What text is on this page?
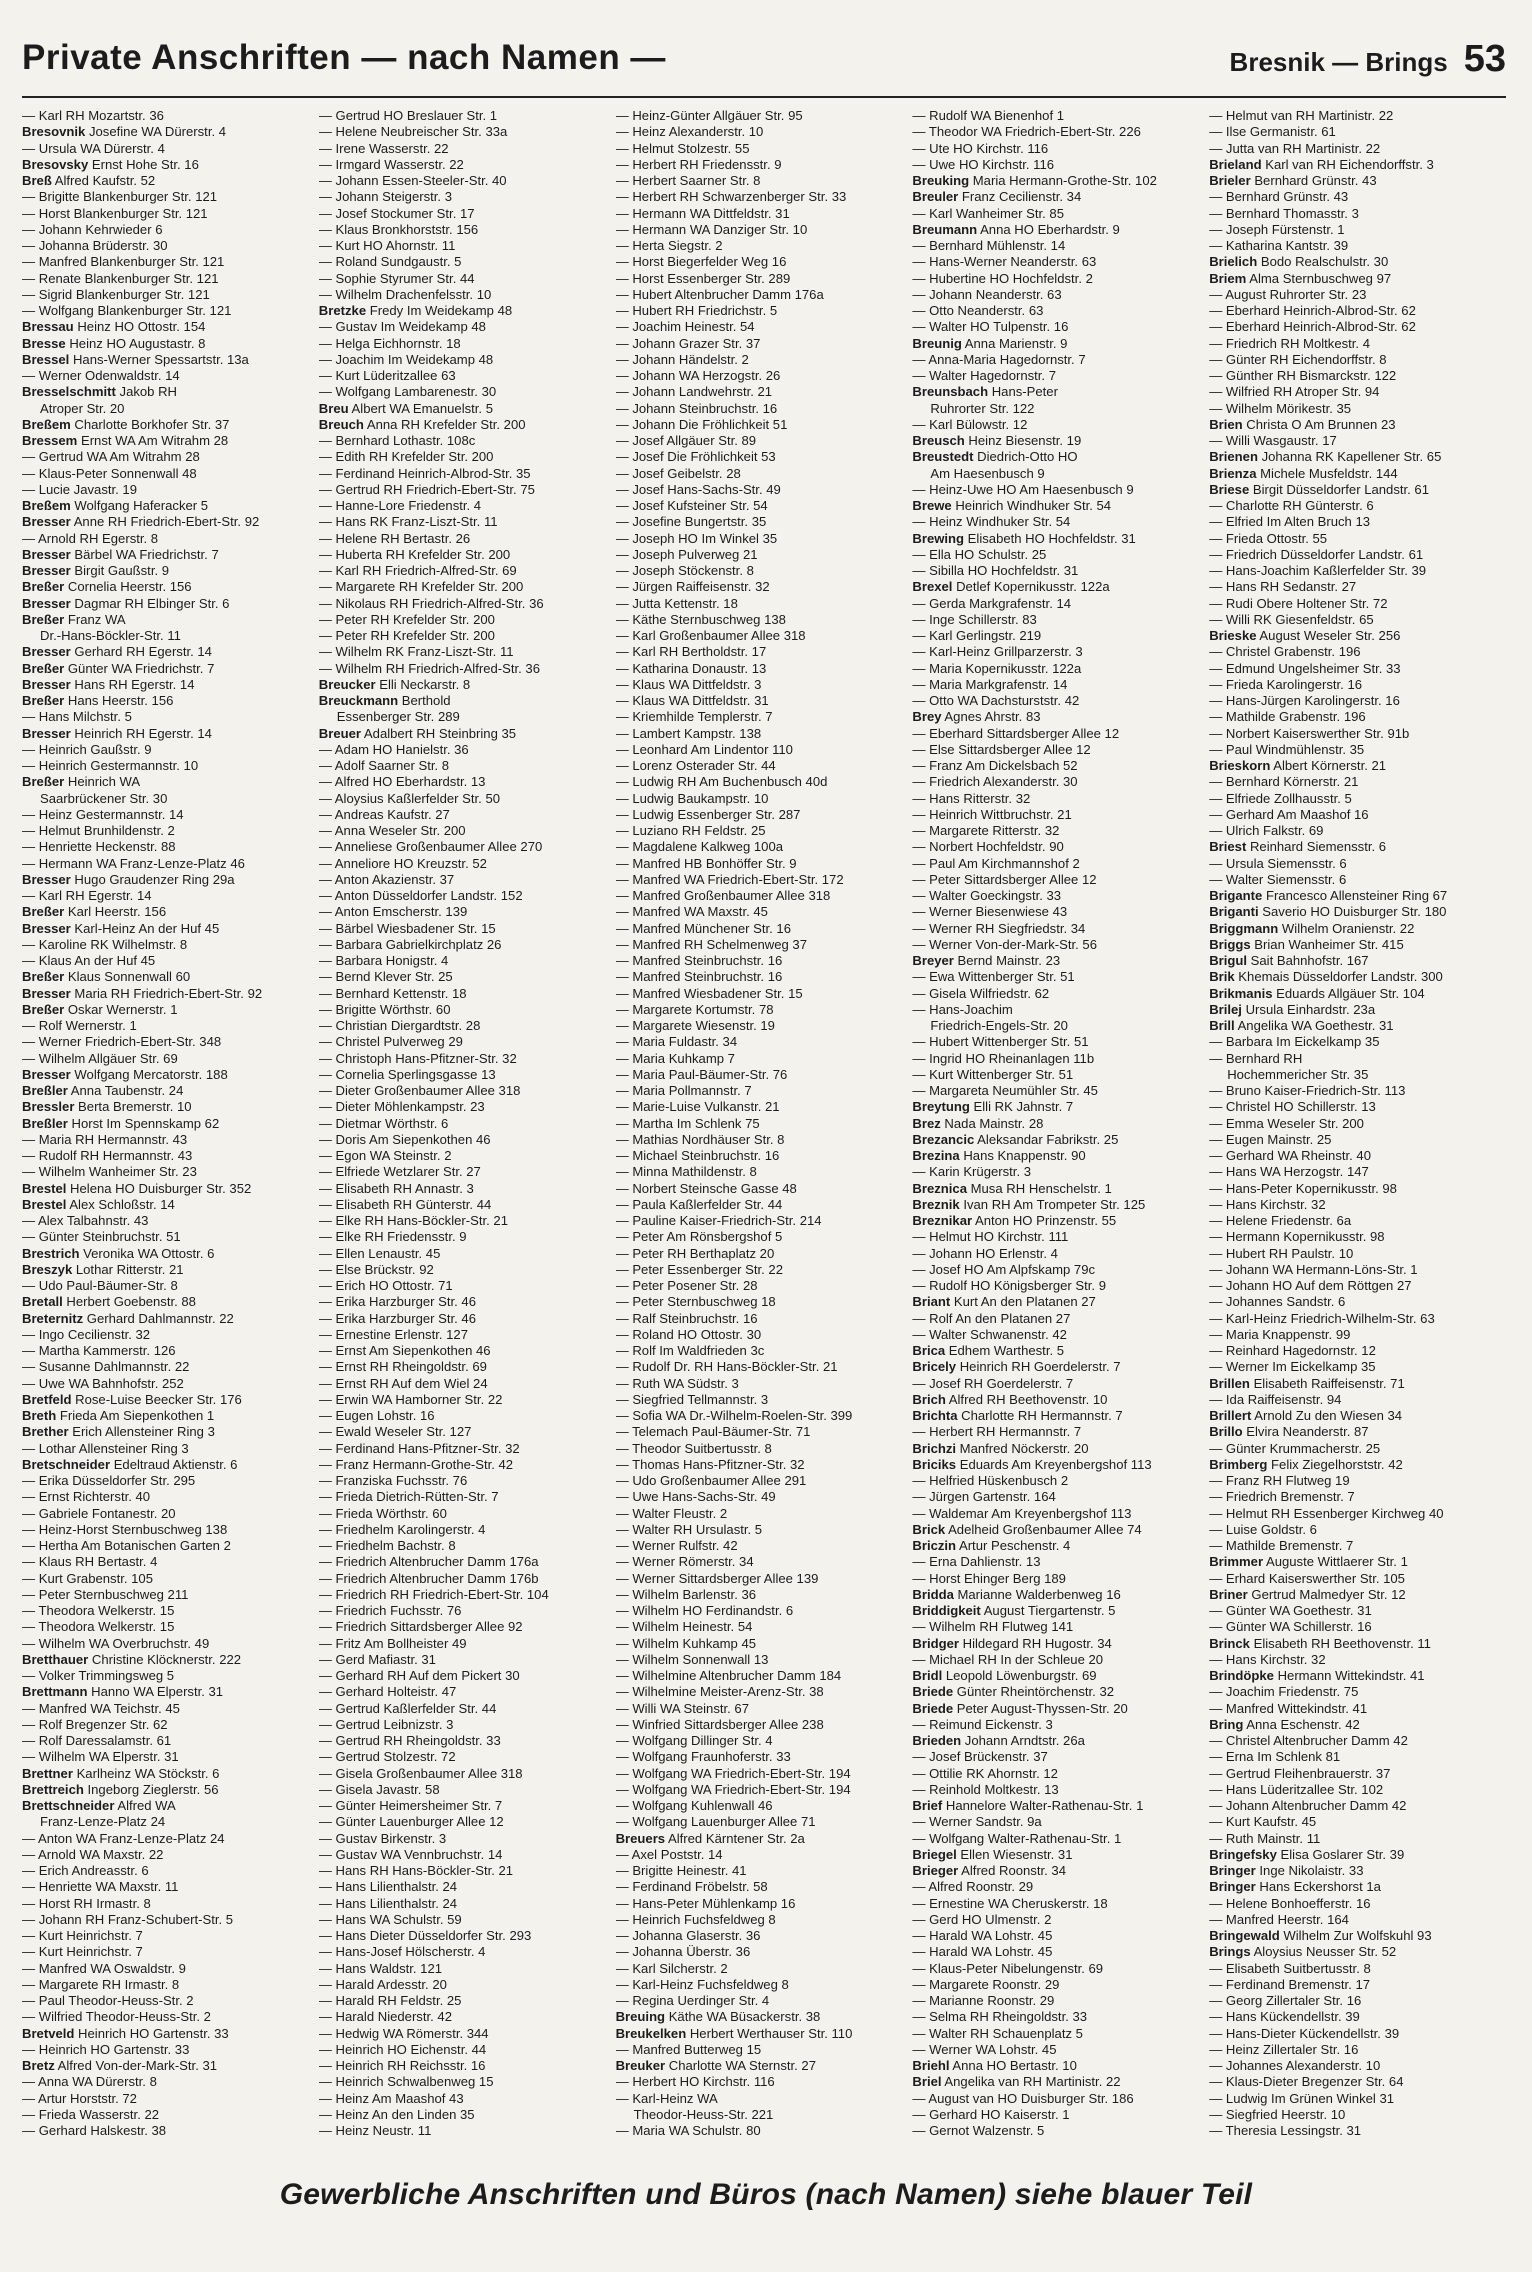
Private Anschriften — nach Namen —	Bresnik — Brings 53
— Karl RH Mozartstr. 36
Bresovnik Josefine WA Dürerstr. 4
— Ursula WA Dürerstr. 4
Bresovsky Ernst Hohe Str. 16
Breß Alfred Kaufstr. 52
— Brigitte Blankenburger Str. 121
— Horst Blankenburger Str. 121
— Johann Kehrwieder 6
— Johanna Brüderstr. 30
— Manfred Blankenburger Str. 121
— Renate Blankenburger Str. 121
— Sigrid Blankenburger Str. 121
— Wolfgang Blankenburger Str. 121
Bressau Heinz HO Ottostr. 154
Bresse Heinz HO Augustastr. 8
Bressel Hans-Werner Spessartstr. 13a
— Werner Odenwaldstr. 14
Bresselschmitt Jakob RH
Atroper Str. 20
Breßem Charlotte Borkhofer Str. 37
Bressem Ernst WA Am Witrahm 28
— Gertrud WA Am Witrahm 28
— Klaus-Peter Sonnenwall 48
— Lucie Javastr. 19
Breßem Wolfgang Haferacker 5
Bresser Anne RH Friedrich-Ebert-Str. 92
— Arnold RH Egerstr. 8
Bresser Bärbel WA Friedrichstr. 7
Bresser Birgit Gaußstr. 9
Breßer Cornelia Heerstr. 156
Bresser Dagmar RH Elbinger Str. 6
Breßer Franz WA
Dr.-Hans-Böckler-Str. 11
Bresser Gerhard RH Egerstr. 14
Breßer Günter WA Friedrichstr. 7
Bresser Hans RH Egerstr. 14
Breßer Hans Heerstr. 156
— Hans Milchstr. 5
Bresser Heinrich RH Egerstr. 14
— Heinrich Gaußstr. 9
— Heinrich Gestermannstr. 10
Breßer Heinrich WA
Saarbrückener Str. 30
— Heinz Gestermannstr. 14
— Helmut Brunhildenstr. 2
— Henriette Heckenstr. 88
— Hermann WA Franz-Lenze-Platz 46
Bresser Hugo Graudenzer Ring 29a
— Karl RH Egerstr. 14
Breßer Karl Heerstr. 156
Bresser Karl-Heinz An der Huf 45
— Karoline RK Wilhelmstr. 8
— Klaus An der Huf 45
Breßer Klaus Sonnenwall 60
Bresser Maria RH Friedrich-Ebert-Str. 92
Breßer Oskar Wernerstr. 1
— Rolf Wernerstr. 1
— Werner Friedrich-Ebert-Str. 348
— Wilhelm Allgäuer Str. 69
Bresser Wolfgang Mercatorstr. 188
Breßler Anna Taubenstr. 24
Bressler Berta Bremerstr. 10
Breßler Horst Im Spennskamp 62
— Maria RH Hermannstr. 43
— Rudolf RH Hermannstr. 43
— Wilhelm Wanheimer Str. 23
Brestel Helena HO Duisburger Str. 352
Brestel Alex Schloßstr. 14
— Alex Talbahnstr. 43
— Günter Steinbruchstr. 51
Brestrich Veronika WA Ottostr. 6
Breszyk Lothar Ritterstr. 21
— Udo Paul-Bäumer-Str. 8
Bretall Herbert Goebenstr. 88
Breternitz Gerhard Dahlmannstr. 22
— Ingo Cecilienstr. 32
— Martha Kammerstr. 126
— Susanne Dahlmannstr. 22
— Uwe WA Bahnhofstr. 252
Bretfeld Rose-Luise Beecker Str. 176
Breth Frieda Am Siepenkothen 1
Brether Erich Allensteiner Ring 3
— Lothar Allensteiner Ring 3
Bretschneider Edeltraud Aktienstr. 6
— Erika Düsseldorfer Str. 295
— Ernst Richterstr. 40
— Gabriele Fontanestr. 20
— Heinz-Horst Sternbuschweg 138
— Hertha Am Botanischen Garten 2
— Klaus RH Bertastr. 4
— Kurt Grabenstr. 105
— Peter Sternbuschweg 211
— Theodora Welkerstr. 15
— Theodora Welkerstr. 15
— Wilhelm WA Overbruchstr. 49
Bretthauer Christine Klöcknerstr. 222
— Volker Trimmingsweg 5
Brettmann Hanno WA Elperstr. 31
— Manfred WA Teichstr. 45
— Rolf Bregenzer Str. 62
— Rolf Daressalamstr. 61
— Wilhelm WA Elperstr. 31
Brettner Karlheinz WA Stöckstr. 6
Brettreich Ingeborg Zieglerstr. 56
Brettschneider Alfred WA
Franz-Lenze-Platz 24
— Anton WA Franz-Lenze-Platz 24
— Arnold WA Maxstr. 22
— Erich Andreasstr. 6
— Henriette WA Maxstr. 11
— Horst RH Irmastr. 8
— Johann RH Franz-Schubert-Str. 5
— Kurt Heinrichstr. 7
— Kurt Heinrichstr. 7
— Manfred WA Oswaldstr. 9
— Margarete RH Irmastr. 8
— Paul Theodor-Heuss-Str. 2
— Wilfried Theodor-Heuss-Str. 2
Bretveld Heinrich HO Gartenstr. 33
— Heinrich HO Gartenstr. 33
Bretz Alfred Von-der-Mark-Str. 31
— Anna WA Dürerstr. 8
— Artur Horststr. 72
— Frieda Wasserstr. 22
— Gerhard Halskestr. 38
— Gertrud HO Breslauer Str. 1
— Helene Neubreischer Str. 33a
— Irene Wasserstr. 22
— Irmgard Wasserstr. 22
— Johann Essen-Steeler-Str. 40
— Johann Steigerstr. 3
— Josef Stockumer Str. 17
— Klaus Bronkhorststr. 156
— Kurt HO Ahornstr. 11
— Roland Sundgaustr. 5
— Sophie Styrumer Str. 44
— Wilhelm Drachenfelsstr. 10
Bretzke Fredy Im Weidekamp 48
— Gustav Im Weidekamp 48
— Helga Eichhornstr. 18
— Joachim Im Weidekamp 48
— Kurt Lüderitzallee 63
— Wolfgang Lambarenestr. 30
Breu Albert WA Emanuelstr. 5
Breuch Anna RH Krefelder Str. 200
— Bernhard Lothastr. 108c
— Edith RH Krefelder Str. 200
— Ferdinand Heinrich-Albrod-Str. 35
— Gertrud RH Friedrich-Ebert-Str. 75
— Hanne-Lore Friedenstr. 4
— Hans RK Franz-Liszt-Str. 11
— Helene RH Bertastr. 26
— Huberta RH Krefelder Str. 200
— Karl RH Friedrich-Alfred-Str. 69
— Margarete RH Krefelder Str. 200
— Nikolaus RH Friedrich-Alfred-Str. 36
— Peter RH Krefelder Str. 200
— Peter RH Krefelder Str. 200
— Wilhelm RK Franz-Liszt-Str. 11
— Wilhelm RH Friedrich-Alfred-Str. 36
Breucker Elli Neckarstr. 8
Breuckmann Berthold
Essenberger Str. 289
Breuer Adalbert RH Steinbring 35
— Adam HO Hanielstr. 36
— Adolf Saarner Str. 8
— Alfred HO Eberhardstr. 13
— Aloysius Kaßlerfelder Str. 50
— Andreas Kaufstr. 27
— Anna Weseler Str. 200
— Anneliese Großenbaumer Allee 270
— Anneliore HO Kreuzstr. 52
— Anton Akazienstr. 37
— Anton Düsseldorfer Landstr. 152
— Anton Emscherstr. 139
— Bärbel Wiesbadener Str. 15
— Barbara Gabrielkirchplatz 26
— Barbara Honigstr. 4
— Bernd Klever Str. 25
— Bernhard Kettenstr. 18
— Brigitte Wörthstr. 60
— Christian Diergardtstr. 28
— Christel Pulverweg 29
— Christoph Hans-Pfitzner-Str. 32
— Cornelia Sperlingsgasse 13
— Dieter Großenbaumer Allee 318
— Dieter Möhlenkampstr. 23
— Dietmar Wörthstr. 6
— Doris Am Siepenkothen 46
— Egon WA Steinstr. 2
— Elfriede Wetzlarer Str. 27
— Elisabeth RH Annastr. 3
— Elisabeth RH Günterstr. 44
— Elke RH Hans-Böckler-Str. 21
— Elke RH Friedensstr. 9
— Ellen Lenaustr. 45
— Else Brückstr. 92
— Erich HO Ottostr. 71
— Erika Harzburger Str. 46
— Erika Harzburger Str. 46
— Ernestine Erlenstr. 127
— Ernst Am Siepenkothen 46
— Ernst RH Rheingoldstr. 69
— Ernst RH Auf dem Wiel 24
— Erwin WA Hamborner Str. 22
— Eugen Lohstr. 16
— Ewald Weseler Str. 127
— Ferdinand Hans-Pfitzner-Str. 32
— Franz Hermann-Grothe-Str. 42
— Franziska Fuchsstr. 76
— Frieda Dietrich-Rütten-Str. 7
— Frieda Wörthstr. 60
— Friedhelm Karolingerstr. 4
— Friedhelm Bachstr. 8
— Friedrich Altenbrucher Damm 176a
— Friedrich Altenbrucher Damm 176b
— Friedrich RH Friedrich-Ebert-Str. 104
— Friedrich Fuchsstr. 76
— Friedrich Sittardsberger Allee 92
— Fritz Am Bollheister 49
— Gerd Mafiastr. 31
— Gerhard RH Auf dem Pickert 30
— Gerhard Holteistr. 47
— Gertrud Kaßlerfelder Str. 44
— Gertrud Leibnizstr. 3
— Gertrud RH Rheingoldstr. 33
— Gertrud Stolzestr. 72
— Gisela Großenbaumer Allee 318
— Gisela Javastr. 58
— Günter Heimersheimer Str. 7
— Günter Lauenburger Allee 12
— Gustav Birkenstr. 3
— Gustav WA Vennbruchstr. 14
— Hans RH Hans-Böckler-Str. 21
— Hans Lilienthalstr. 24
— Hans Lilienthalstr. 24
— Hans WA Schulstr. 59
— Hans Dieter Düsseldorfer Str. 293
— Hans-Josef Hölscherstr. 4
— Hans Waldstr. 121
— Harald Ardesstr. 20
— Harald RH Feldstr. 25
— Harald Niederstr. 42
— Hedwig WA Römerstr. 344
— Heinrich HO Eichenstr. 44
— Heinrich RH Reichsstr. 16
— Heinrich Schwalbenweg 15
— Heinz Am Maashof 43
— Heinz An den Linden 35
— Heinz Neustr. 11
— Heinz-Günter Allgäuer Str. 95
— Heinz Alexanderstr. 10
— Helmut Stolzestr. 55
— Herbert RH Friedensstr. 9
— Herbert Saarner Str. 8
— Herbert RH Schwarzenberger Str. 33
— Hermann WA Dittfeldstr. 31
— Hermann WA Danziger Str. 10
— Herta Siegstr. 2
— Horst Biegerfelder Weg 16
— Horst Essenberger Str. 289
— Hubert Altenbrucher Damm 176a
— Hubert RH Friedrichstr. 5
— Joachim Heinestr. 54
— Johann Grazer Str. 37
— Johann Händelstr. 2
— Johann WA Herzogstr. 26
— Johann Landwehrstr. 21
— Johann Steinbruchstr. 16
— Johann Die Fröhlichkeit 51
— Josef Allgäuer Str. 89
— Josef Die Fröhlichkeit 53
— Josef Geibelstr. 28
— Josef Hans-Sachs-Str. 49
— Josef Kufsteiner Str. 54
— Josefine Bungertstr. 35
— Joseph HO Im Winkel 35
— Joseph Pulverweg 21
— Joseph Stöckenstr. 8
— Jürgen Raiffeisenstr. 32
— Jutta Kettenstr. 18
— Käthe Sternbuschweg 138
— Karl Großenbaumer Allee 318
— Karl RH Bertholdstr. 17
— Katharina Donaustr. 13
— Klaus WA Dittfeldstr. 3
— Klaus WA Dittfeldstr. 31
— Kriemhilde Templerstr. 7
— Lambert Kampstr. 138
— Leonhard Am Lindentor 110
— Lorenz Osterader Str. 44
— Ludwig RH Am Buchenbusch 40d
— Ludwig Baukampstr. 10
— Ludwig Essenberger Str. 287
— Luziano RH Feldstr. 25
— Magdalene Kalkweg 100a
— Manfred HB Bonhöffer Str. 9
— Manfred WA Friedrich-Ebert-Str. 172
— Manfred Großenbaumer Allee 318
— Manfred WA Maxstr. 45
— Manfred Münchener Str. 16
— Manfred RH Schelmenweg 37
— Manfred Steinbruchstr. 16
— Manfred Steinbruchstr. 16
— Manfred Wiesbadener Str. 15
— Margarete Kortumstr. 78
— Margarete Wiesenstr. 19
— Maria Fuldastr. 34
— Maria Kuhkamp 7
— Maria Paul-Bäumer-Str. 76
— Maria Pollmannstr. 7
— Marie-Luise Vulkanstr. 21
— Martha Im Schlenk 75
— Mathias Nordhäuser Str. 8
— Michael Steinbruchstr. 16
— Minna Mathildenstr. 8
— Norbert Steinsche Gasse 48
— Paula Kaßlerfelder Str. 44
— Pauline Kaiser-Friedrich-Str. 214
— Peter Am Rönsbergshof 5
— Peter RH Berthaplatz 20
— Peter Essenberger Str. 22
— Peter Posener Str. 28
— Peter Sternbuschweg 18
— Ralf Steinbruchstr. 16
— Roland HO Ottostr. 30
— Rolf Im Waldfrieden 3c
— Rudolf Dr. RH Hans-Böckler-Str. 21
— Ruth WA Südstr. 3
— Siegfried Tellmannstr. 3
— Sofia WA Dr.-Wilhelm-Roelen-Str. 399
— Telemach Paul-Bäumer-Str. 71
— Theodor Suitbertusstr. 8
— Thomas Hans-Pfitzner-Str. 32
— Udo Großenbaumer Allee 291
— Uwe Hans-Sachs-Str. 49
— Walter Fleustr. 2
— Walter RH Ursulastr. 5
— Werner Rulfstr. 42
— Werner Römerstr. 34
— Werner Sittardsberger Allee 139
— Wilhelm Barlenstr. 36
— Wilhelm HO Ferdinandstr. 6
— Wilhelm Heinestr. 54
— Wilhelm Kuhkamp 45
— Wilhelm Sonnenwall 13
— Wilhelmine Altenbrucher Damm 184
— Wilhelmine Meister-Arenz-Str. 38
— Willi WA Steinstr. 67
— Winfried Sittardsberger Allee 238
— Wolfgang Dillinger Str. 4
— Wolfgang Fraunhoferstr. 33
— Wolfgang WA Friedrich-Ebert-Str. 194
— Wolfgang WA Friedrich-Ebert-Str. 194
— Wolfgang Kuhlenwall 46
— Wolfgang Lauenburger Allee 71
Breuers Alfred Kärntener Str. 2a
— Axel Poststr. 14
— Brigitte Heinestr. 41
— Ferdinand Fröbelstr. 58
— Hans-Peter Mühlenkamp 16
— Heinrich Fuchsfeldweg 8
— Johanna Glaserstr. 36
— Johanna Überstr. 36
— Karl Silcherstr. 2
— Karl-Heinz Fuchsfeldweg 8
— Regina Uerdinger Str. 4
Breuing Käthe WA Büsackerstr. 38
Breukelken Herbert Werthauser Str. 110
— Manfred Butterweg 15
Breuker Charlotte WA Sternstr. 27
— Herbert HO Kirchstr. 116
— Karl-Heinz WA
Theodor-Heuss-Str. 221
— Maria WA Schulstr. 80
— Rudolf WA Bienenhof 1
— Theodor WA Friedrich-Ebert-Str. 226
— Ute HO Kirchstr. 116
— Uwe HO Kirchstr. 116
Breuking Maria Hermann-Grothe-Str. 102
Breuler Franz Cecilienstr. 34
— Karl Wanheimer Str. 85
Breumann Anna HO Eberhardstr. 9
— Bernhard Mühlenstr. 14
— Hans-Werner Neanderstr. 63
— Hubertine HO Hochfeldstr. 2
— Johann Neanderstr. 63
— Otto Neanderstr. 63
— Walter HO Tulpenstr. 16
Breunig Anna Marienstr. 9
— Anna-Maria Hagedornstr. 7
— Walter Hagedornstr. 7
Breunsbach Hans-Peter
Ruhrorter Str. 122
— Karl Bülowstr. 12
Breusch Heinz Biesenstr. 19
Breustedt Diedrich-Otto HO
Am Haesenbusch 9
— Heinz-Uwe HO Am Haesenbusch 9
Brewe Heinrich Windhuker Str. 54
— Heinz Windhuker Str. 54
Brewing Elisabeth HO Hochfeldstr. 31
— Ella HO Schulstr. 25
— Sibilla HO Hochfeldstr. 31
Brexel Detlef Kopernikusstr. 122a
— Gerda Markgrafenstr. 14
— Inge Schillerstr. 83
— Karl Gerlingstr. 219
— Karl-Heinz Grillparzerstr. 3
— Maria Kopernikusstr. 122a
— Maria Markgrafenstr. 14
— Otto WA Dachsturststr. 42
Brey Agnes Ahrstr. 83
— Eberhard Sittardsberger Allee 12
— Else Sittardsberger Allee 12
— Franz Am Dickelsbach 52
— Friedrich Alexanderstr. 30
— Hans Ritterstr. 32
— Heinrich Wittbruchstr. 21
— Margarete Ritterstr. 32
— Norbert Hochfeldstr. 90
— Paul Am Kirchmannshof 2
— Peter Sittardsberger Allee 12
— Walter Goeckingstr. 33
— Werner Biesenwiese 43
— Werner RH Siegfriedstr. 34
— Werner Von-der-Mark-Str. 56
Breyer Bernd Mainstr. 23
— Ewa Wittenberger Str. 51
— Gisela Wilfriedstr. 62
— Hans-Joachim
Friedrich-Engels-Str. 20
— Hubert Wittenberger Str. 51
— Ingrid HO Rheinanlagen 11b
— Kurt Wittenberger Str. 51
— Margareta Neumühler Str. 45
Breytung Elli RK Jahnstr. 7
Brez Nada Mainstr. 28
Brezancic Aleksandar Fabrikstr. 25
Brezina Hans Knappenstr. 90
— Karin Krügerstr. 3
Breznica Musa RH Henschelstr. 1
Breznik Ivan RH Am Trompeter Str. 125
Breznikar Anton HO Prinzenstr. 55
— Helmut HO Kirchstr. 111
— Johann HO Erlenstr. 4
— Josef HO Am Alpfskamp 79c
— Rudolf HO Königsberger Str. 9
Briant Kurt An den Platanen 27
— Rolf An den Platanen 27
— Walter Schwanenstr. 42
Brica Edhem Warthestr. 5
Bricely Heinrich RH Goerdelerstr. 7
— Josef RH Goerdelerstr. 7
Brich Alfred RH Beethovenstr. 10
Brichta Charlotte RH Hermannstr. 7
— Herbert RH Hermannstr. 7
Brichzi Manfred Nöckerstr. 20
Briciks Eduards Am Kreyenbergshof 113
— Helfried Hüskenbusch 2
— Jürgen Gartenstr. 164
— Waldemar Am Kreyenbergshof 113
Brick Adelheid Großenbaumer Allee 74
Briczin Artur Peschenstr. 4
— Erna Dahlienstr. 13
— Horst Ehinger Berg 189
Bridda Marianne Walderbenweg 16
Briddigkeit August Tiergartenstr. 5
— Wilhelm RH Flutweg 141
Bridger Hildegard RH Hugostr. 34
— Michael RH In der Schleue 20
Bridl Leopold Löwenburgstr. 69
Briede Günter Rheintörchenstr. 32
Briede Peter August-Thyssen-Str. 20
— Reimund Eickenstr. 3
Brieden Johann Arndtstr. 26a
— Josef Brückenstr. 37
— Ottilie RK Ahornstr. 12
— Reinhold Moltkestr. 13
Brief Hannelore Walter-Rathenau-Str. 1
— Werner Sandstr. 9a
— Wolfgang Walter-Rathenau-Str. 1
Briegel Ellen Wiesenstr. 31
Brieger Alfred Roonstr. 34
— Alfred Roonstr. 29
— Ernestine WA Cheruskerstr. 18
— Gerd HO Ulmenstr. 2
— Harald WA Lohstr. 45
— Harald WA Lohstr. 45
— Klaus-Peter Nibelungenstr. 69
— Margarete Roonstr. 29
— Marianne Roonstr. 29
— Selma RH Rheingoldstr. 33
— Walter RH Schauenplatz 5
— Werner WA Lohstr. 45
Briehl Anna HO Bertastr. 10
Briel Angelika van RH Martinistr. 22
— August van HO Duisburger Str. 186
— Gerhard HO Kaiserstr. 1
— Gernot Walzenstr. 5
— Helmut van RH Martinistr. 22
— Ilse Germanistr. 61
— Jutta van RH Martinistr. 22
Brieland Karl van RH Eichendorffstr. 3
Brieler Bernhard Grünstr. 43
— Bernhard Grünstr. 43
— Bernhard Thomasstr. 3
— Joseph Fürstenstr. 1
— Katharina Kantstr. 39
Brielich Bodo Realschulstr. 30
Briem Alma Sternbuschweg 97
— August Ruhrorter Str. 23
— Eberhard Heinrich-Albrod-Str. 62
— Eberhard Heinrich-Albrod-Str. 62
— Friedrich RH Moltkestr. 4
— Günter RH Eichendorffstr. 8
— Günther RH Bismarckstr. 122
— Wilfried RH Atroper Str. 94
— Wilhelm Mörikestr. 35
Brien Christa O Am Brunnen 23
— Willi Wasgaustr. 17
Brienen Johanna RK Kapellener Str. 65
Brienza Michele Musfeldstr. 144
Briese Birgit Düsseldorfer Landstr. 61
— Charlotte RH Günterstr. 6
— Elfried Im Alten Bruch 13
— Frieda Ottostr. 55
— Friedrich Düsseldorfer Landstr. 61
— Hans-Joachim Kaßlerfelder Str. 39
— Hans RH Sedanstr. 27
— Rudi Obere Holtener Str. 72
— Willi RK Giesenfeldstr. 65
Brieske August Weseler Str. 256
— Christel Grabenstr. 196
— Edmund Ungelsheimer Str. 33
— Frieda Karolingerstr. 16
— Hans-Jürgen Karolingerstr. 16
— Mathilde Grabenstr. 196
— Norbert Kaiserswerther Str. 91b
— Paul Windmühlenstr. 35
Brieskorn Albert Körnerstr. 21
— Bernhard Körnerstr. 21
— Elfriede Zollhausstr. 5
— Gerhard Am Maashof 16
— Ulrich Falkstr. 69
Briest Reinhard Siemensstr. 6
— Ursula Siemensstr. 6
— Walter Siemensstr. 6
Brigante Francesco Allensteiner Ring 67
Briganti Saverio HO Duisburger Str. 180
Briggmann Wilhelm Oranienstr. 22
Briggs Brian Wanheimer Str. 415
Brigul Sait Bahnhofstr. 167
Brik Khemais Düsseldorfer Landstr. 300
Brikmanis Eduards Allgäuer Str. 104
Brilej Ursula Einhardstr. 23a
Brill Angelika WA Goethestr. 31
— Barbara Im Eickelkamp 35
— Bernhard RH
Hochemmericher Str. 35
— Bruno Kaiser-Friedrich-Str. 113
— Christel HO Schillerstr. 13
— Emma Weseler Str. 200
— Eugen Mainstr. 25
— Gerhard WA Rheinstr. 40
— Hans WA Herzogstr. 147
— Hans-Peter Kopernikusstr. 98
— Hans Kirchstr. 32
— Helene Friedenstr. 6a
— Hermann Kopernikusstr. 98
— Hubert RH Paulstr. 10
— Johann WA Hermann-Löns-Str. 1
— Johann HO Auf dem Röttgen 27
— Johannes Sandstr. 6
— Karl-Heinz Friedrich-Wilhelm-Str. 63
— Maria Knappenstr. 99
— Reinhard Hagedornstr. 12
— Werner Im Eickelkamp 35
Brillen Elisabeth Raiffeisenstr. 71
— Ida Raiffeisenstr. 94
Brillert Arnold Zu den Wiesen 34
Brillo Elvira Neanderstr. 87
— Günter Krummacherstr. 25
Brimberg Felix Ziegelhorststr. 42
— Franz RH Flutweg 19
— Friedrich Bremenstr. 7
— Helmut RH Essenberger Kirchweg 40
— Luise Goldstr. 6
— Mathilde Bremenstr. 7
Brimmer Auguste Wittlaerer Str. 1
— Erhard Kaiserswerther Str. 105
Briner Gertrud Malmedyer Str. 12
— Günter WA Goethestr. 31
— Günter WA Schillerstr. 16
Brinck Elisabeth RH Beethovenstr. 11
— Hans Kirchstr. 32
Brindöpke Hermann Wittekindstr. 41
— Joachim Friedenstr. 75
— Manfred Wittekindstr. 41
Bring Anna Eschenstr. 42
— Christel Altenbrucher Damm 42
— Erna Im Schlenk 81
— Gertrud Fleihenbrauerstr. 37
— Hans Lüderitzallee Str. 102
— Johann Altenbrucher Damm 42
— Kurt Kaufstr. 45
— Ruth Mainstr. 11
Bringefsky Elisa Goslarer Str. 39
Bringer Inge Nikolaistr. 33
Bringer Hans Eckershorst 1a
— Helene Bonhoefferstr. 16
— Manfred Heerstr. 164
Bringewald Wilhelm Zur Wolfskuhl 93
Brings Aloysius Neusser Str. 52
— Elisabeth Suitbertusstr. 8
— Ferdinand Bremenstr. 17
— Georg Zillertaler Str. 16
— Hans Kückendellstr. 39
— Hans-Dieter Kückendellstr. 39
— Heinz Zillertaler Str. 16
— Johannes Alexanderstr. 10
— Klaus-Dieter Bregenzer Str. 64
— Ludwig Im Grünen Winkel 31
— Siegfried Heerstr. 10
— Theresia Lessingstr. 31
Gewerbliche Anschriften und Büros (nach Namen) siehe blauer Teil
